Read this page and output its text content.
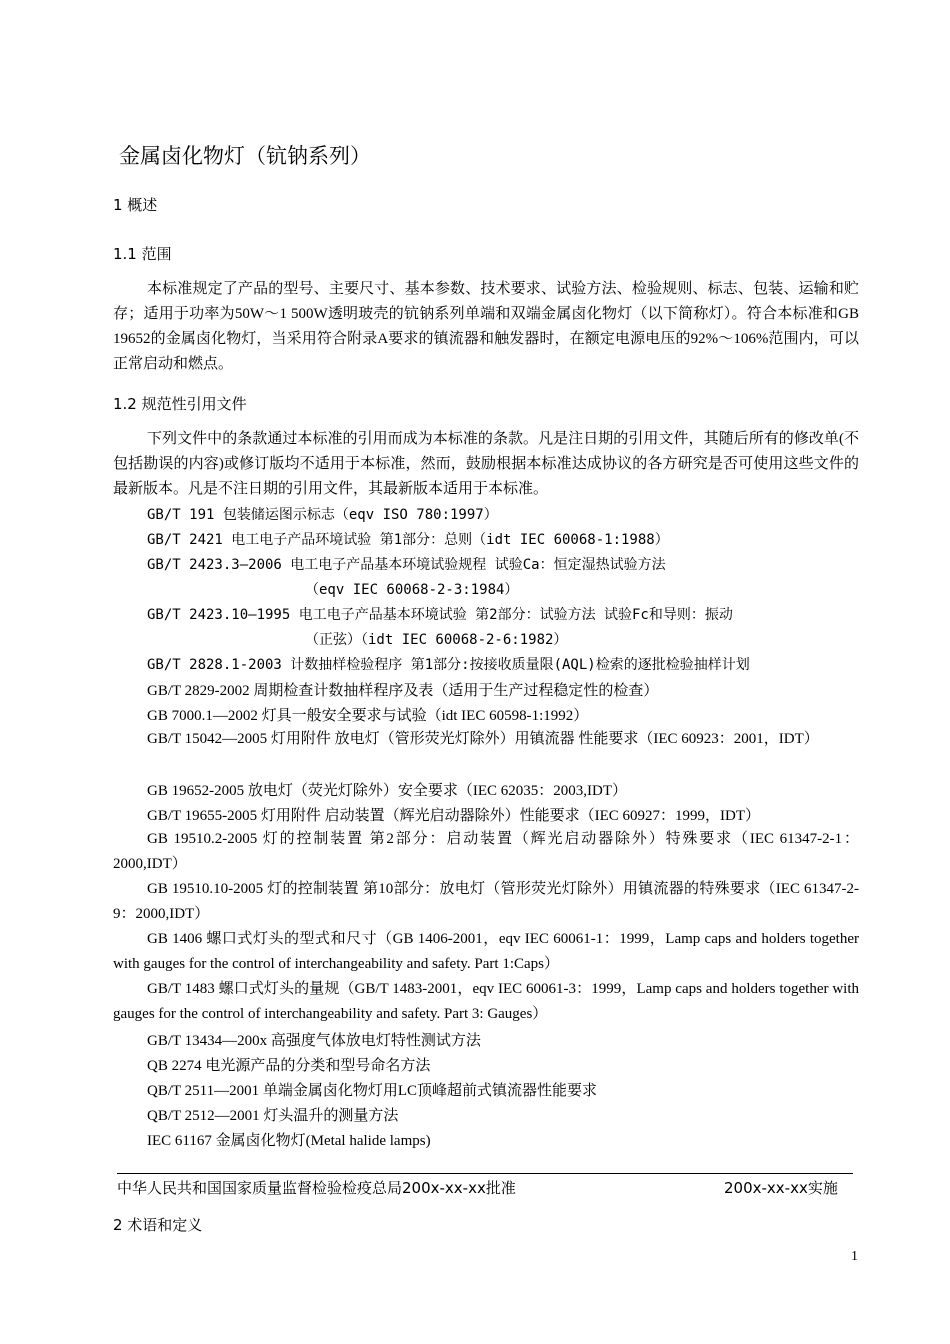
金属卤化物灯（钪钠系列）
1 概述
1.1 范围
本标准规定了产品的型号、主要尺寸、基本参数、技术要求、试验方法、检验规则、标志、包装、运输和贮存；适用于功率为50W～1 500W透明玻壳的钪钠系列单端和双端金属卤化物灯（以下简称灯）。符合本标准和GB 19652的金属卤化物灯，当采用符合附录A要求的镇流器和触发器时，在额定电源电压的92%～106%范围内，可以正常启动和燃点。
1.2 规范性引用文件
下列文件中的条款通过本标准的引用而成为本标准的条款。凡是注日期的引用文件，其随后所有的修改单(不包括勘误的内容)或修订版均不适用于本标准，然而，鼓励根据本标准达成协议的各方研究是否可使用这些文件的最新版本。凡是不注日期的引用文件，其最新版本适用于本标准。
GB/T 191 包装储运图示标志（eqv ISO 780:1997）
GB/T 2421 电工电子产品环境试验 第1部分：总则（idt IEC 60068-1:1988）
GB/T 2423.3—2006 电工电子产品基本环境试验规程 试验Ca：恒定湿热试验方法
（eqv IEC 60068-2-3:1984）
GB/T 2423.10—1995 电工电子产品基本环境试验 第2部分：试验方法 试验Fc和导则：振动
（正弦）（idt IEC 60068-2-6:1982）
GB/T 2828.1-2003 计数抽样检验程序 第1部分:按接收质量限(AQL)检索的逐批检验抽样计划
GB/T 2829-2002 周期检查计数抽样程序及表（适用于生产过程稳定性的检查）
GB 7000.1—2002 灯具一般安全要求与试验（idt IEC 60598-1:1992）
GB/T 15042—2005 灯用附件 放电灯（管形荧光灯除外）用镇流器 性能要求（IEC 60923：2001，IDT）
GB 19652-2005 放电灯（荧光灯除外）安全要求（IEC 62035：2003,IDT）
GB/T 19655-2005 灯用附件 启动装置（辉光启动器除外）性能要求（IEC 60927：1999，IDT）
GB 19510.2-2005 灯的控制装置 第2部分：启动装置（辉光启动器除外）特殊要求（IEC 61347-2-1：2000,IDT）
GB 19510.10-2005 灯的控制装置 第10部分：放电灯（管形荧光灯除外）用镇流器的特殊要求（IEC 61347-2-9：2000,IDT）
GB 1406 螺口式灯头的型式和尺寸（GB 1406-2001，eqv IEC 60061-1：1999，Lamp caps and holders together with gauges for the control of interchangeability and safety. Part 1:Caps）
GB/T 1483 螺口式灯头的量规（GB/T 1483-2001，eqv IEC 60061-3：1999，Lamp caps and holders together with gauges for the control of interchangeability and safety. Part 3: Gauges）
GB/T 13434—200x 高强度气体放电灯特性测试方法
QB 2274 电光源产品的分类和型号命名方法
QB/T 2511—2001 单端金属卤化物灯用LC顶峰超前式镇流器性能要求
QB/T 2512—2001 灯头温升的测量方法
IEC 61167 金属卤化物灯(Metal halide lamps)
中华人民共和国国家质量监督检验检疫总局200x-xx-xx批准	200x-xx-xx实施
2 术语和定义
1
